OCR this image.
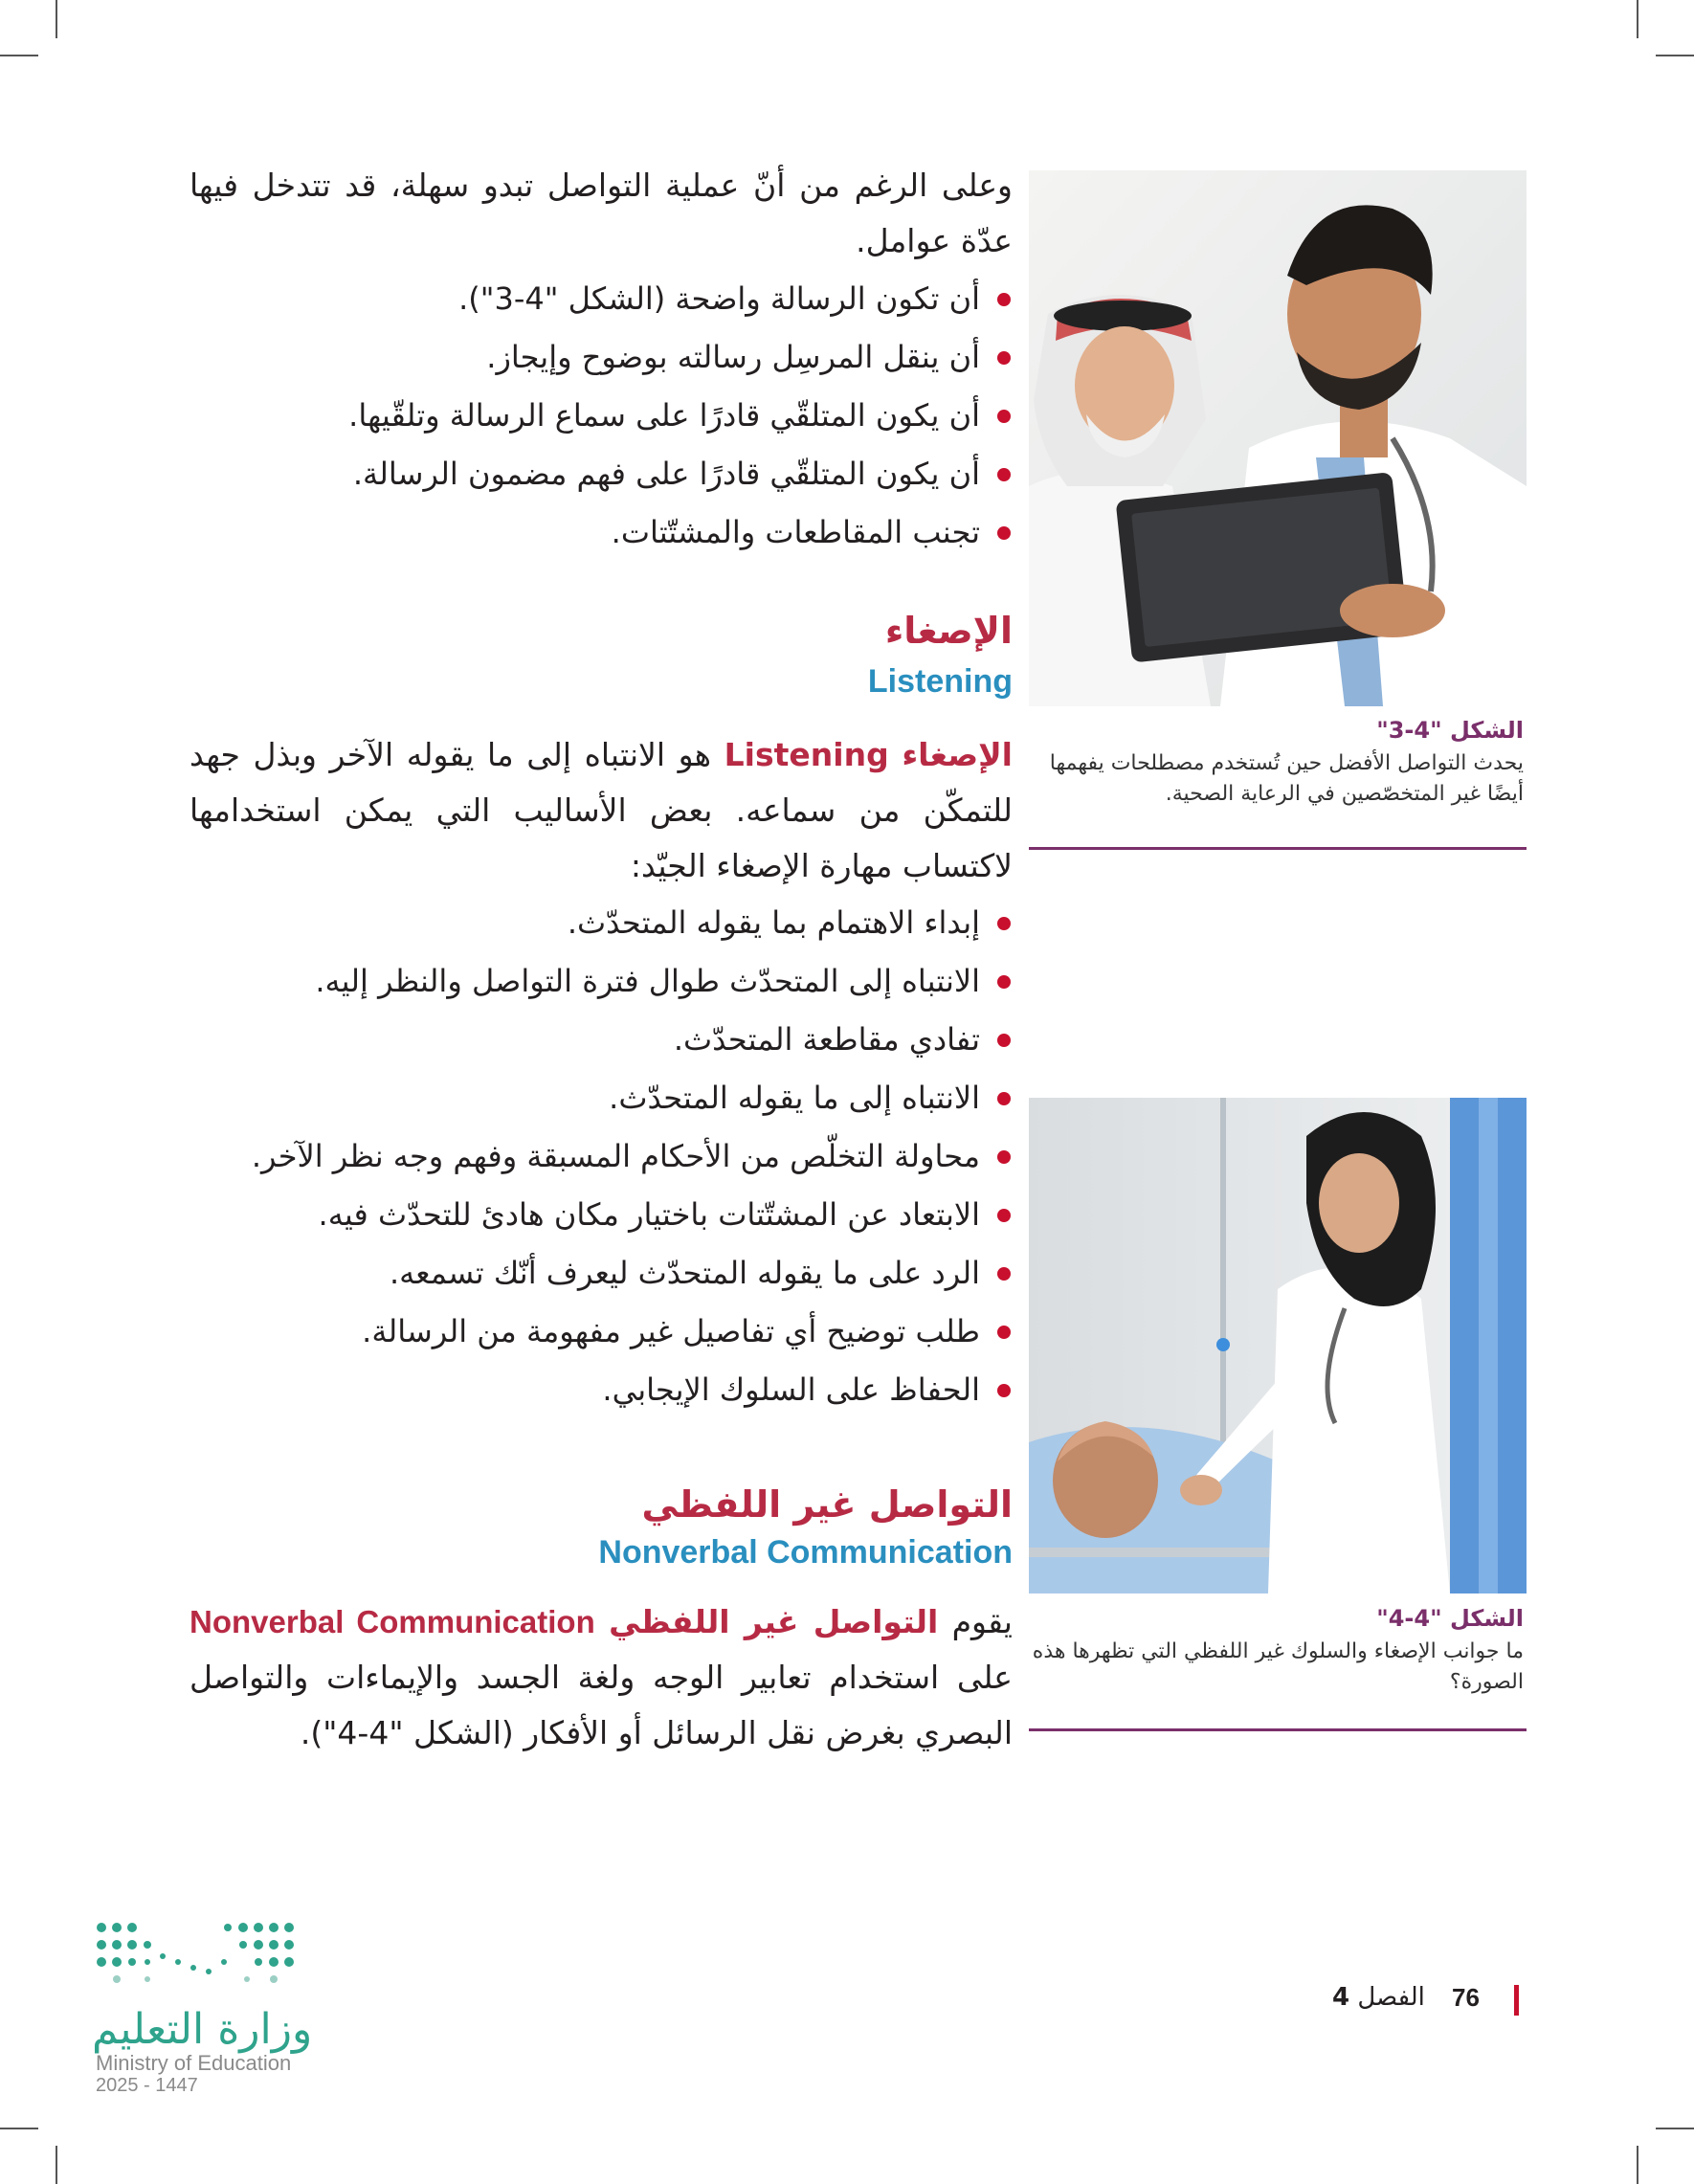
وعلى الرغم من أنّ عملية التواصل تبدو سهلة، قد تتدخل فيها عدّة عوامل.
أن تكون الرسالة واضحة (الشكل "4-3").
أن ينقل المرسِل رسالته بوضوح وإيجاز.
أن يكون المتلقّي قادرًا على سماع الرسالة وتلقّيها.
أن يكون المتلقّي قادرًا على فهم مضمون الرسالة.
تجنب المقاطعات والمشتّتات.
الإصغاء
Listening
الإصغاء Listening هو الانتباه إلى ما يقوله الآخر وبذل جهد للتمكّن من سماعه. بعض الأساليب التي يمكن استخدامها لاكتساب مهارة الإصغاء الجيّد:
إبداء الاهتمام بما يقوله المتحدّث.
الانتباه إلى المتحدّث طوال فترة التواصل والنظر إليه.
تفادي مقاطعة المتحدّث.
الانتباه إلى ما يقوله المتحدّث.
محاولة التخلّص من الأحكام المسبقة وفهم وجه نظر الآخر.
الابتعاد عن المشتّتات باختيار مكان هادئ للتحدّث فيه.
الرد على ما يقوله المتحدّث ليعرف أنّك تسمعه.
طلب توضيح أي تفاصيل غير مفهومة من الرسالة.
الحفاظ على السلوك الإيجابي.
التواصل غير اللفظي
Nonverbal Communication
يقوم التواصل غير اللفظي Nonverbal Communication على استخدام تعابير الوجه ولغة الجسد والإيماءات والتواصل البصري بغرض نقل الرسائل أو الأفكار (الشكل "4-4").
الشكل "4-3"
يحدث التواصل الأفضل حين تُستخدم مصطلحات يفهمها أيضًا غير المتخصّصين في الرعاية الصحية.
الشكل "4-4"
ما جوانب الإصغاء والسلوك غير اللفظي التي تظهرها هذه الصورة؟
76
الفصل 4
وزارة التعليم
Ministry of Education
2025 - 1447
